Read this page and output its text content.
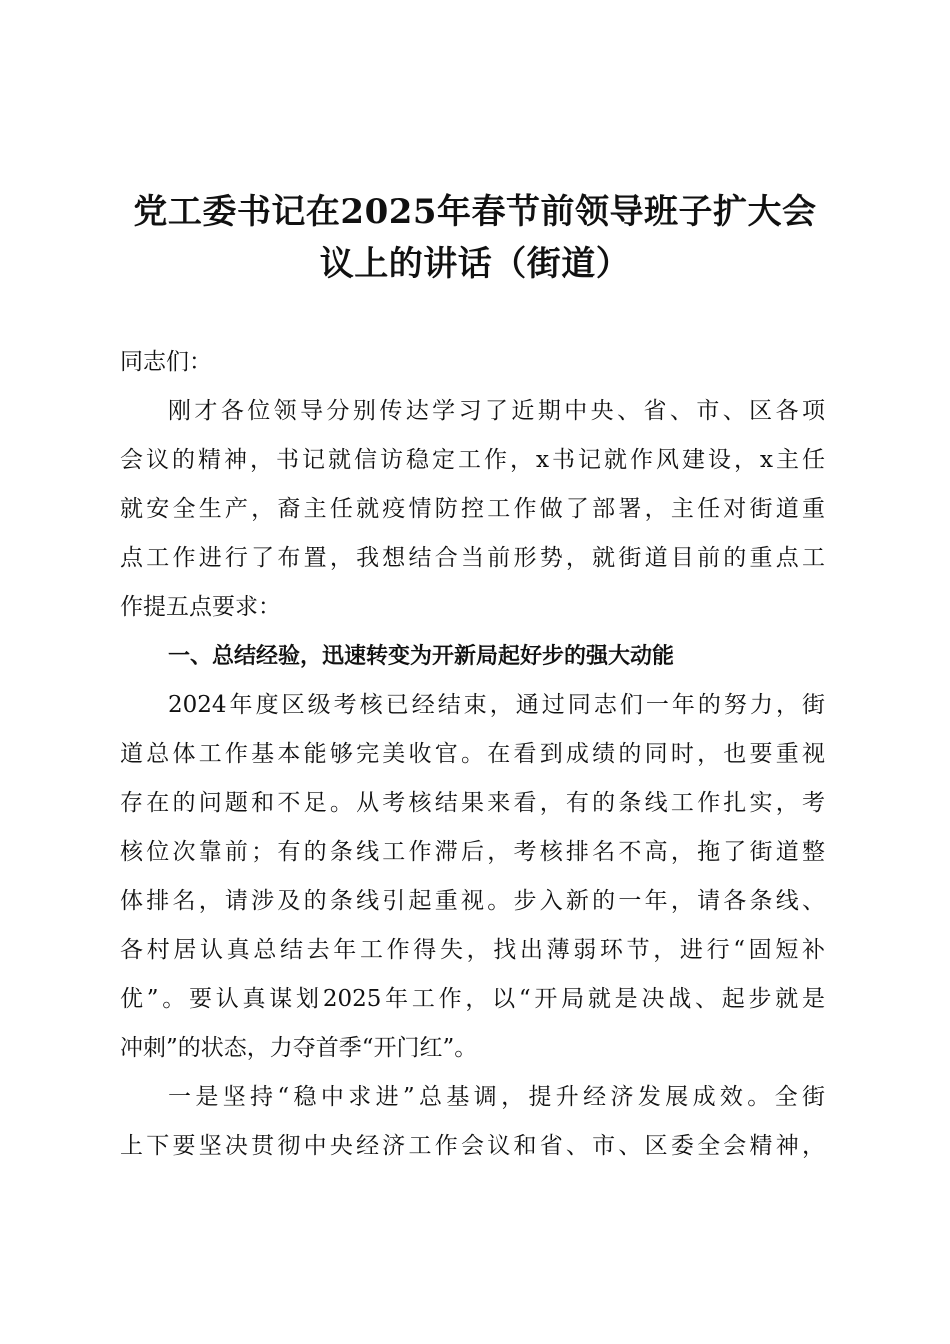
党工委书记在2025年春节前领导班子扩大会
议上的讲话（街道）
同志们：
刚才各位领导分别传达学习了近期中央、省、市、区各项
会议的精神，书记就信访稳定工作，x书记就作风建设，x主任
就安全生产，裔主任就疫情防控工作做了部署，主任对街道重
点工作进行了布置，我想结合当前形势，就街道目前的重点工
作提五点要求：
一、总结经验，迅速转变为开新局起好步的强大动能
2024年度区级考核已经结束，通过同志们一年的努力，街
道总体工作基本能够完美收官。在看到成绩的同时，也要重视
存在的问题和不足。从考核结果来看，有的条线工作扎实，考
核位次靠前；有的条线工作滞后，考核排名不高，拖了街道整
体排名，请涉及的条线引起重视。步入新的一年，请各条线、
各村居认真总结去年工作得失，找出薄弱环节，进行“固短补
优”。要认真谋划2025年工作，以“开局就是决战、起步就是
冲刺”的状态，力夺首季“开门红”。
一是坚持“稳中求进”总基调，提升经济发展成效。全街
上下要坚决贯彻中央经济工作会议和省、市、区委全会精神，
